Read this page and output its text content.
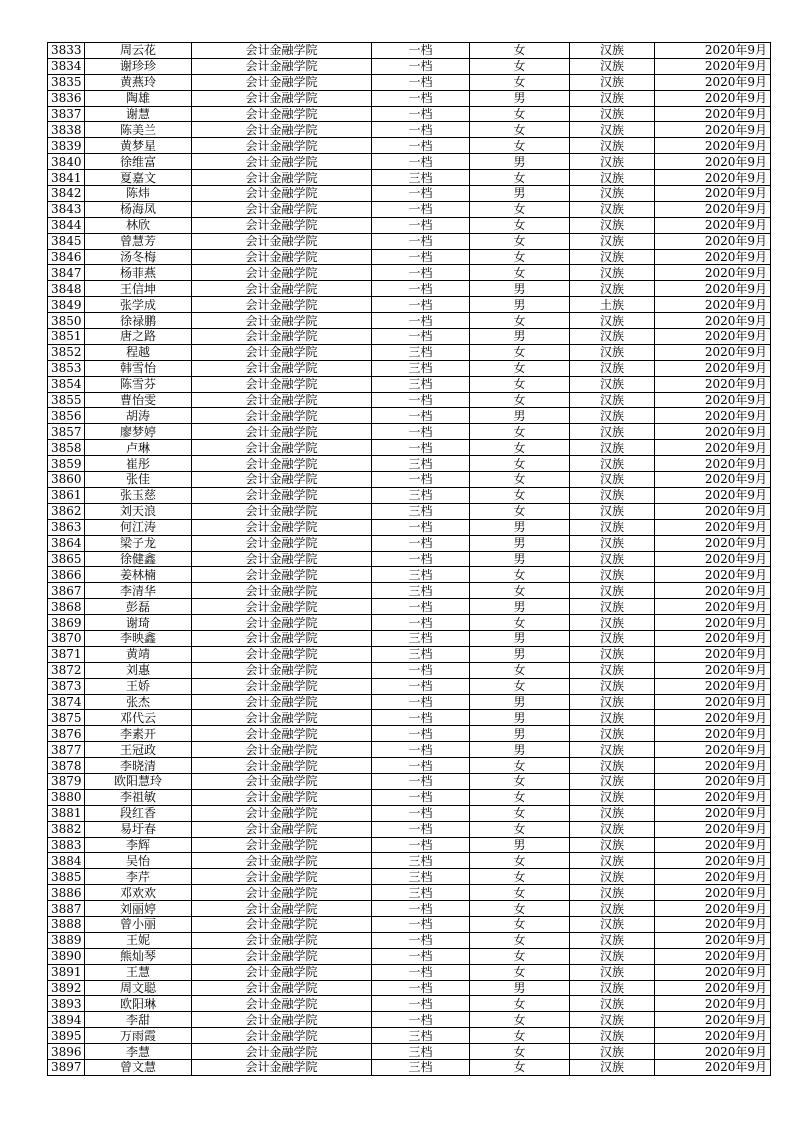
3833	周云花	会计金融学院	一档	女	汉族	2020年9月
3834	谢珍珍	会计金融学院	一档	女	汉族	2020年9月
3835	黄燕玲	会计金融学院	一档	女	汉族	2020年9月
3836	陶雄	会计金融学院	一档	男	汉族	2020年9月
3837	谢慧	会计金融学院	一档	女	汉族	2020年9月
3838	陈美兰	会计金融学院	一档	女	汉族	2020年9月
3839	黄梦星	会计金融学院	一档	女	汉族	2020年9月
3840	徐维富	会计金融学院	一档	男	汉族	2020年9月
3841	夏嘉文	会计金融学院	三档	女	汉族	2020年9月
3842	陈炜	会计金融学院	一档	男	汉族	2020年9月
3843	杨海凤	会计金融学院	一档	女	汉族	2020年9月
3844	林欣	会计金融学院	一档	女	汉族	2020年9月
3845	曾慧芳	会计金融学院	一档	女	汉族	2020年9月
3846	汤冬梅	会计金融学院	一档	女	汉族	2020年9月
3847	杨菲燕	会计金融学院	一档	女	汉族	2020年9月
3848	王信坤	会计金融学院	一档	男	汉族	2020年9月
3849	张学成	会计金融学院	一档	男	土族	2020年9月
3850	徐禄鹏	会计金融学院	一档	女	汉族	2020年9月
3851	唐之路	会计金融学院	一档	男	汉族	2020年9月
3852	程越	会计金融学院	三档	女	汉族	2020年9月
3853	韩雪怡	会计金融学院	三档	女	汉族	2020年9月
3854	陈雪芬	会计金融学院	三档	女	汉族	2020年9月
3855	曹怡雯	会计金融学院	一档	女	汉族	2020年9月
3856	胡涛	会计金融学院	一档	男	汉族	2020年9月
3857	廖梦婷	会计金融学院	一档	女	汉族	2020年9月
3858	卢琳	会计金融学院	一档	女	汉族	2020年9月
3859	崔彤	会计金融学院	三档	女	汉族	2020年9月
3860	张佳	会计金融学院	一档	女	汉族	2020年9月
3861	张玉慈	会计金融学院	三档	女	汉族	2020年9月
3862	刘天浪	会计金融学院	三档	女	汉族	2020年9月
3863	何江涛	会计金融学院	一档	男	汉族	2020年9月
3864	梁子龙	会计金融学院	一档	男	汉族	2020年9月
3865	徐健鑫	会计金融学院	一档	男	汉族	2020年9月
3866	姜林楠	会计金融学院	三档	女	汉族	2020年9月
3867	李清华	会计金融学院	三档	女	汉族	2020年9月
3868	彭磊	会计金融学院	一档	男	汉族	2020年9月
3869	谢琦	会计金融学院	一档	女	汉族	2020年9月
3870	李映鑫	会计金融学院	三档	男	汉族	2020年9月
3871	黄靖	会计金融学院	三档	男	汉族	2020年9月
3872	刘惠	会计金融学院	一档	女	汉族	2020年9月
3873	王娇	会计金融学院	一档	女	汉族	2020年9月
3874	张杰	会计金融学院	一档	男	汉族	2020年9月
3875	邓代云	会计金融学院	一档	男	汉族	2020年9月
3876	李素开	会计金融学院	一档	男	汉族	2020年9月
3877	王冠政	会计金融学院	一档	男	汉族	2020年9月
3878	李晓清	会计金融学院	一档	女	汉族	2020年9月
3879	欧阳慧玲	会计金融学院	一档	女	汉族	2020年9月
3880	李祖敏	会计金融学院	一档	女	汉族	2020年9月
3881	段红香	会计金融学院	一档	女	汉族	2020年9月
3882	易圩春	会计金融学院	一档	女	汉族	2020年9月
3883	李辉	会计金融学院	一档	男	汉族	2020年9月
3884	吴怡	会计金融学院	三档	女	汉族	2020年9月
3885	李芹	会计金融学院	三档	女	汉族	2020年9月
3886	邓欢欢	会计金融学院	三档	女	汉族	2020年9月
3887	刘丽婷	会计金融学院	一档	女	汉族	2020年9月
3888	曾小丽	会计金融学院	一档	女	汉族	2020年9月
3889	王妮	会计金融学院	一档	女	汉族	2020年9月
3890	熊灿琴	会计金融学院	一档	女	汉族	2020年9月
3891	王慧	会计金融学院	一档	女	汉族	2020年9月
3892	周文聪	会计金融学院	一档	男	汉族	2020年9月
3893	欧阳琳	会计金融学院	一档	女	汉族	2020年9月
3894	李甜	会计金融学院	一档	女	汉族	2020年9月
3895	万雨霞	会计金融学院	三档	女	汉族	2020年9月
3896	李慧	会计金融学院	三档	女	汉族	2020年9月
3897	曾文慧	会计金融学院	三档	女	汉族	2020年9月
